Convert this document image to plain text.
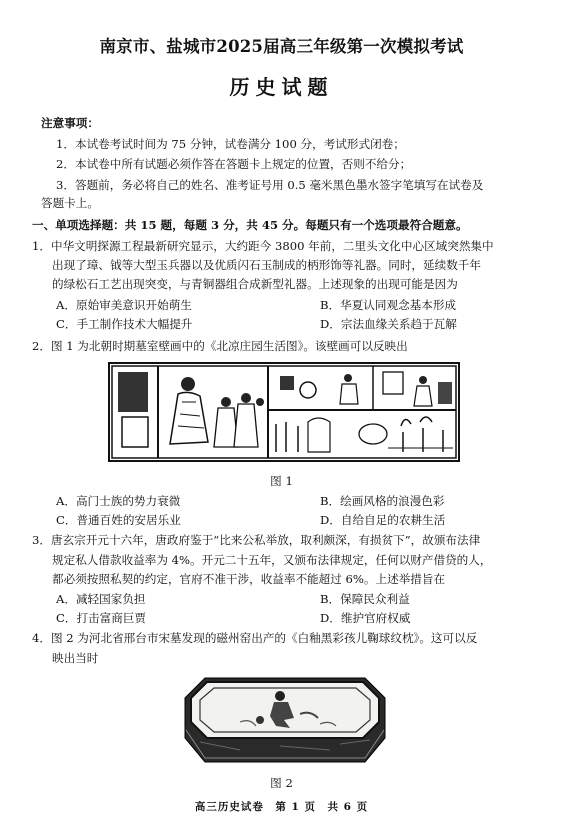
南京市、盐城市2025届高三年级第一次模拟考试
历史试题
注意事项：
1．本试卷考试时间为 75 分钟，试卷满分 100 分，考试形式闭卷；
2．本试卷中所有试题必须作答在答题卡上规定的位置，否则不给分；
3．答题前，务必将自己的姓名、准考证号用 0.5 毫米黑色墨水签字笔填写在试卷及
答题卡上。
一、单项选择题：共 15 题，每题 3 分，共 45 分。每题只有一个选项最符合题意。
1．中华文明探源工程最新研究显示，大约距今 3800 年前，二里头文化中心区域突然集中
出现了璋、钺等大型玉兵器以及优质闪石玉制成的柄形饰等礼器。同时，延续数千年
的绿松石工艺出现突变，与青铜器组合成新型礼器。上述现象的出现可能是因为
A．原始审美意识开始萌生	B．华夏认同观念基本形成
C．手工制作技术大幅提升	D．宗法血缘关系趋于瓦解
2．图 1 为北朝时期墓室壁画中的《北凉庄园生活图》。该壁画可以反映出
图 1
A．高门士族的势力衰微	B．绘画风格的浪漫色彩
C．普通百姓的安居乐业	D．自给自足的农耕生活
3．唐玄宗开元十六年，唐政府鉴于“比来公私举放，取利颇深，有损贫下”，故颁布法律
规定私人借款收益率为 4%。开元二十五年，又颁布法律规定，任何以财产借贷的人，
都必须按照私契的约定，官府不准干涉，收益率不能超过 6%。上述举措旨在
A．减轻国家负担	B．保障民众利益
C．打击富商巨贾	D．维护官府权威
4．图 2 为河北省邢台市宋墓发现的磁州窑出产的《白釉黑彩孩儿鞠球纹枕》。这可以反
映出当时
图 2
高三历史试卷　第 1 页　共 6 页
